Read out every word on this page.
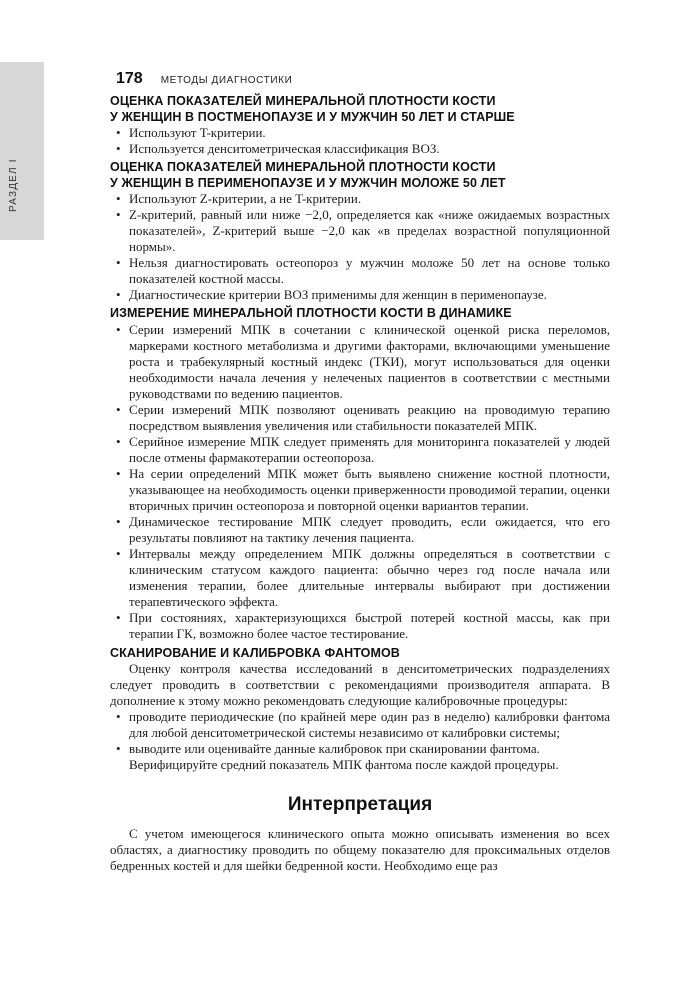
РАЗДЕЛ I
178 МЕТОДЫ ДИАГНОСТИКИ
ОЦЕНКА ПОКАЗАТЕЛЕЙ МИНЕРАЛЬНОЙ ПЛОТНОСТИ КОСТИ
У ЖЕНЩИН В ПОСТМЕНОПАУЗЕ И У МУЖЧИН 50 ЛЕТ И СТАРШЕ
• Используют T-критерии.
• Используется денситометрическая классификация ВОЗ.
ОЦЕНКА ПОКАЗАТЕЛЕЙ МИНЕРАЛЬНОЙ ПЛОТНОСТИ КОСТИ
У ЖЕНЩИН В ПЕРИМЕНОПАУЗЕ И У МУЖЧИН МОЛОЖЕ 50 ЛЕТ
• Используют Z-критерии, а не T-критерии.
• Z-критерий, равный или ниже −2,0, определяется как «ниже ожидаемых возрастных показателей», Z-критерий выше −2,0 как «в пределах возрастной популяционной нормы».
• Нельзя диагностировать остеопороз у мужчин моложе 50 лет на основе только показателей костной массы.
• Диагностические критерии ВОЗ применимы для женщин в перименопаузе.
ИЗМЕРЕНИЕ МИНЕРАЛЬНОЙ ПЛОТНОСТИ КОСТИ В ДИНАМИКЕ
• Серии измерений МПК в сочетании с клинической оценкой риска переломов, маркерами костного метаболизма и другими факторами, включающими уменьшение роста и трабекулярный костный индекс (ТКИ), могут использоваться для оценки необходимости начала лечения у нелеченых пациентов в соответствии с местными руководствами по ведению пациентов.
• Серии измерений МПК позволяют оценивать реакцию на проводимую терапию посредством выявления увеличения или стабильности показателей МПК.
• Серийное измерение МПК следует применять для мониторинга показателей у людей после отмены фармакотерапии остеопороза.
• На серии определений МПК может быть выявлено снижение костной плотности, указывающее на необходимость оценки приверженности проводимой терапии, оценки вторичных причин остеопороза и повторной оценки вариантов терапии.
• Динамическое тестирование МПК следует проводить, если ожидается, что его результаты повлияют на тактику лечения пациента.
• Интервалы между определением МПК должны определяться в соответствии с клиническим статусом каждого пациента: обычно через год после начала или изменения терапии, более длительные интервалы выбирают при достижении терапевтического эффекта.
• При состояниях, характеризующихся быстрой потерей костной массы, как при терапии ГК, возможно более частое тестирование.
СКАНИРОВАНИЕ И КАЛИБРОВКА ФАНТОМОВ

Оценку контроля качества исследований в денситометрических подразделениях следует проводить в соответствии с рекомендациями производителя аппарата. В дополнение к этому можно рекомендовать следующие калибровочные процедуры:

• проводите периодические (по крайней мере один раз в неделю) калибровки фантома для любой денситометрической системы независимо от калибровки системы;
• выводите или оценивайте данные калибровок при сканировании фантома.

Верифицируйте средний показатель МПК фантома после каждой процедуры.

Интерпретация

С учетом имеющегося клинического опыта можно описывать изменения во всех областях, а диагностику проводить по общему показателю для проксимальных отделов бедренных костей и для шейки бедренной кости. Необходимо еще раз
